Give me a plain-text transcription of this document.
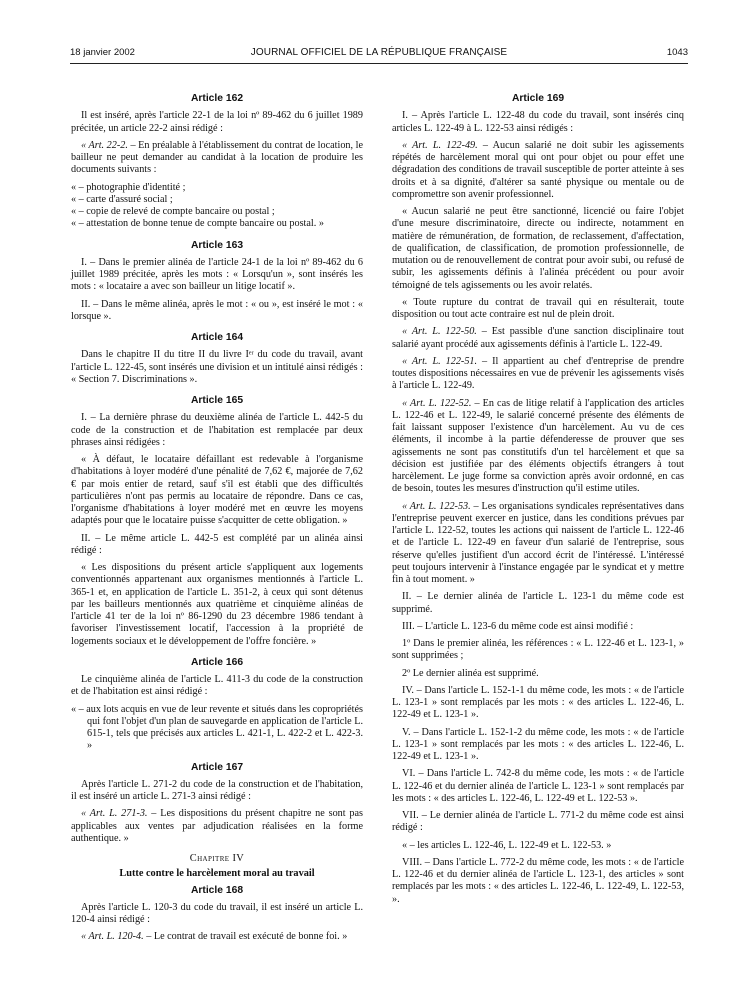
18 janvier 2002	JOURNAL OFFICIEL DE LA RÉPUBLIQUE FRANÇAISE	1043
Article 162
Il est inséré, après l'article 22-1 de la loi nº 89-462 du 6 juillet 1989 précitée, un article 22-2 ainsi rédigé :
« Art. 22-2. – En préalable à l'établissement du contrat de location, le bailleur ne peut demander au candidat à la location de produire les documents suivants :
« – photographie d'identité ;
« – carte d'assuré social ;
« – copie de relevé de compte bancaire ou postal ;
« – attestation de bonne tenue de compte bancaire ou postal. »
Article 163
I. – Dans le premier alinéa de l'article 24-1 de la loi nº 89-462 du 6 juillet 1989 précitée, après les mots : « Lorsqu'un », sont insérés les mots : « locataire a avec son bailleur un litige locatif ».
II. – Dans le même alinéa, après le mot : « ou », est inséré le mot : « lorsque ».
Article 164
Dans le chapitre II du titre II du livre Iᵉʳ du code du travail, avant l'article L. 122-45, sont insérés une division et un intitulé ainsi rédigés : « Section 7. Discriminations ».
Article 165
I. – La dernière phrase du deuxième alinéa de l'article L. 442-5 du code de la construction et de l'habitation est remplacée par deux phrases ainsi rédigées :
« À défaut, le locataire défaillant est redevable à l'organisme d'habitations à loyer modéré d'une pénalité de 7,62 €, majorée de 7,62 € par mois entier de retard, sauf s'il est établi que des difficultés particulières n'ont pas permis au locataire de répondre. Dans ce cas, l'organisme d'habitations à loyer modéré met en œuvre les moyens adaptés pour que le locataire puisse s'acquitter de cette obligation. »
II. – Le même article L. 442-5 est complété par un alinéa ainsi rédigé :
« Les dispositions du présent article s'appliquent aux logements conventionnés appartenant aux organismes mentionnés à l'article L. 365-1 et, en application de l'article L. 351-2, à ceux qui sont détenus par les bailleurs mentionnés aux quatrième et cinquième alinéas de l'article 41 ter de la loi nº 86-1290 du 23 décembre 1986 tendant à favoriser l'investissement locatif, l'accession à la propriété de logements sociaux et le développement de l'offre foncière. »
Article 166
Le cinquième alinéa de l'article L. 411-3 du code de la construction et de l'habitation est ainsi rédigé :
« – aux lots acquis en vue de leur revente et situés dans les copropriétés qui font l'objet d'un plan de sauvegarde en application de l'article L. 615-1, tels que précisés aux articles L. 421-1, L. 422-2 et L. 422-3. »
Article 167
Après l'article L. 271-2 du code de la construction et de l'habitation, il est inséré un article L. 271-3 ainsi rédigé :
« Art. L. 271-3. – Les dispositions du présent chapitre ne sont pas applicables aux ventes par adjudication réalisées en la forme authentique. »
Chapitre IV
Lutte contre le harcèlement moral au travail
Article 168
Après l'article L. 120-3 du code du travail, il est inséré un article L. 120-4 ainsi rédigé :
« Art. L. 120-4. – Le contrat de travail est exécuté de bonne foi. »
Article 169
I. – Après l'article L. 122-48 du code du travail, sont insérés cinq articles L. 122-49 à L. 122-53 ainsi rédigés :
« Art. L. 122-49. – Aucun salarié ne doit subir les agissements répétés de harcèlement moral qui ont pour objet ou pour effet une dégradation des conditions de travail susceptible de porter atteinte à ses droits et à sa dignité, d'altérer sa santé physique ou mentale ou de compromettre son avenir professionnel.
« Aucun salarié ne peut être sanctionné, licencié ou faire l'objet d'une mesure discriminatoire, directe ou indirecte, notamment en matière de rémunération, de formation, de reclassement, d'affectation, de qualification, de classification, de promotion professionnelle, de mutation ou de renouvellement de contrat pour avoir subi, ou refusé de subir, les agissements définis à l'alinéa précédent ou pour avoir témoigné de tels agissements ou les avoir relatés.
« Toute rupture du contrat de travail qui en résulterait, toute disposition ou tout acte contraire est nul de plein droit.
« Art. L. 122-50. – Est passible d'une sanction disciplinaire tout salarié ayant procédé aux agissements définis à l'article L. 122-49.
« Art. L. 122-51. – Il appartient au chef d'entreprise de prendre toutes dispositions nécessaires en vue de prévenir les agissements visés à l'article L. 122-49.
« Art. L. 122-52. – En cas de litige relatif à l'application des articles L. 122-46 et L. 122-49, le salarié concerné présente des éléments de fait laissant supposer l'existence d'un harcèlement. Au vu de ces éléments, il incombe à la partie défenderesse de prouver que ses agissements ne sont pas constitutifs d'un tel harcèlement et que sa décision est justifiée par des éléments objectifs étrangers à tout harcèlement. Le juge forme sa conviction après avoir ordonné, en cas de besoin, toutes les mesures d'instruction qu'il estime utiles.
« Art. L. 122-53. – Les organisations syndicales représentatives dans l'entreprise peuvent exercer en justice, dans les conditions prévues par l'article L. 122-52, toutes les actions qui naissent de l'article L. 122-46 et de l'article L. 122-49 en faveur d'un salarié de l'entreprise, sous réserve qu'elles justifient d'un accord écrit de l'intéressé. L'intéressé peut toujours intervenir à l'instance engagée par le syndicat et y mettre fin à tout moment. »
II. – Le dernier alinéa de l'article L. 123-1 du même code est supprimé.
III. – L'article L. 123-6 du même code est ainsi modifié :
1º Dans le premier alinéa, les références : « L. 122-46 et L. 123-1, » sont supprimées ;
2º Le dernier alinéa est supprimé.
IV. – Dans l'article L. 152-1-1 du même code, les mots : « de l'article L. 123-1 » sont remplacés par les mots : « des articles L. 122-46, L. 122-49 et L. 123-1 ».
V. – Dans l'article L. 152-1-2 du même code, les mots : « de l'article L. 123-1 » sont remplacés par les mots : « des articles L. 122-46, L. 122-49 et L. 123-1 ».
VI. – Dans l'article L. 742-8 du même code, les mots : « de l'article L. 122-46 et du dernier alinéa de l'article L. 123-1 » sont remplacés par les mots : « des articles L. 122-46, L. 122-49 et L. 122-53 ».
VII. – Le dernier alinéa de l'article L. 771-2 du même code est ainsi rédigé :
« – les articles L. 122-46, L. 122-49 et L. 122-53. »
VIII. – Dans l'article L. 772-2 du même code, les mots : « de l'article L. 122-46 et du dernier alinéa de l'article L. 123-1, des articles » sont remplacés par les mots : « des articles L. 122-46, L. 122-49, L. 122-53, ».
